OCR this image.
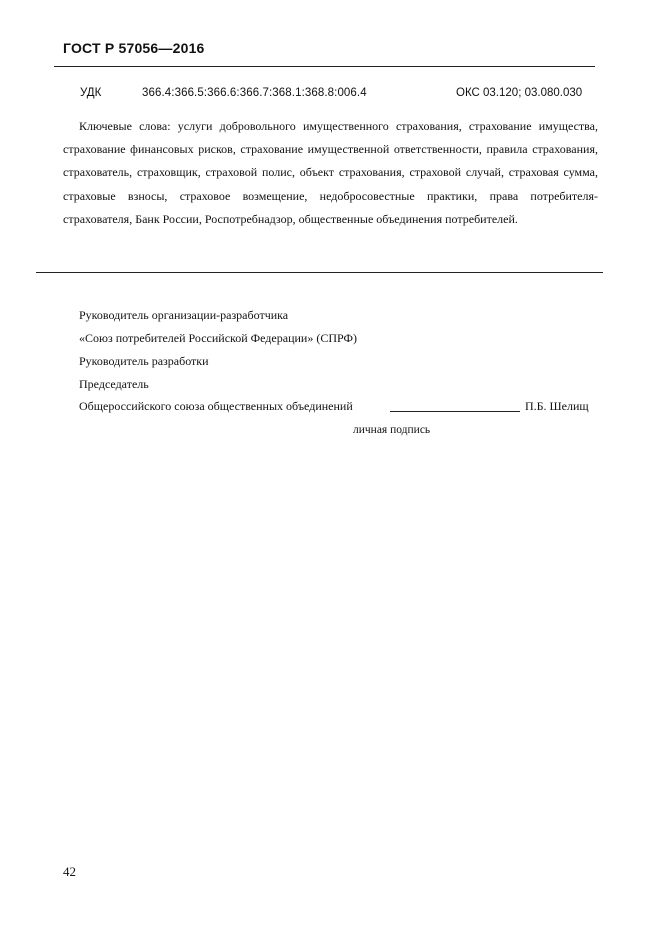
ГОСТ Р 57056—2016
УДК	366.4:366.5:366.6:366.7:368.1:368.8:006.4	ОКС 03.120; 03.080.030
Ключевые слова: услуги добровольного имущественного страхования, страхование имущества, страхование финансовых рисков, страхование имущественной ответственности, правила страхования, страхователь, страховщик, страховой полис, объект страхования, страховой случай, страховая сумма, страховые взносы, страховое возмещение, недобросовестные практики, права потребителя-страхователя, Банк России, Роспотребнадзор, общественные объединения потребителей.
Руководитель организации-разработчика
«Союз потребителей Российской Федерации» (СПРФ)
Руководитель разработки
Председатель
Общероссийского союза общественных объединений	П.Б. Шелищ
личная подпись
42
